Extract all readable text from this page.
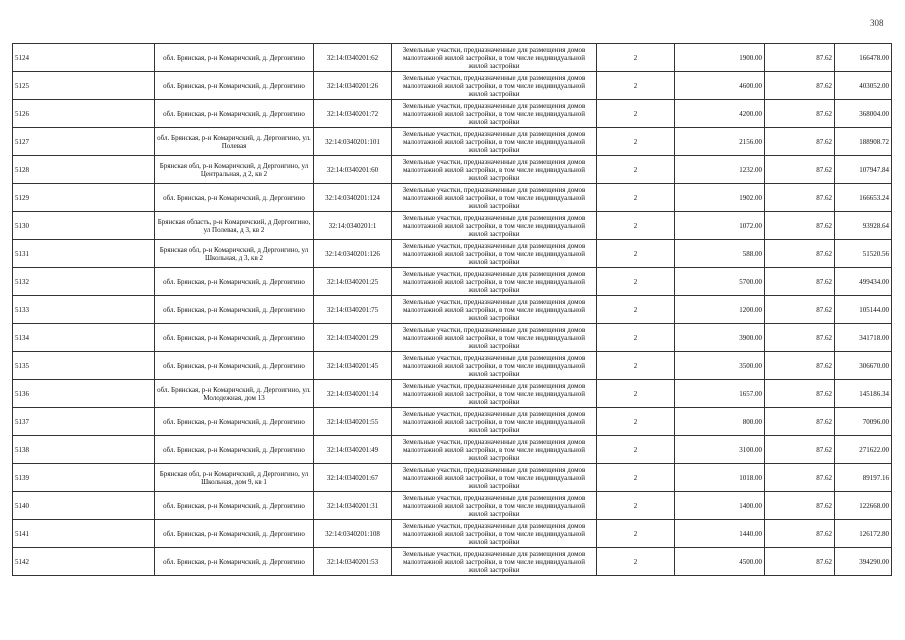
308
5124	обл. Брянская, р-н Комаричский, д. Дергоигино	32:14:0340201:62	Земельные участки, предназначенные для размещения домов малоэтажной жилой застройки, в том числе индивидуальной жилой застройки	2	1900.00	87.62	166478.00
5125	обл. Брянская, р-н Комаричский, д. Дергоигино	32:14:0340201:26	Земельные участки, предназначенные для размещения домов малоэтажной жилой застройки, в том числе индивидуальной жилой застройки	2	4600.00	87.62	403052.00
5126	обл. Брянская, р-н Комаричский, д. Дергоигино	32:14:0340201:72	Земельные участки, предназначенные для размещения домов малоэтажной жилой застройки, в том числе индивидуальной жилой застройки	2	4200.00	87.62	368004.00
5127	обл. Брянская, р-н Комаричский, д. Дергоигино, ул. Полевая	32:14:0340201:101	Земельные участки, предназначенные для размещения домов малоэтажной жилой застройки, в том числе индивидуальной жилой застройки	2	2156.00	87.62	188908.72
5128	Брянская обл, р-н Комаричский, д Дергоигино, ул Центральная, д 2, кв 2	32:14:0340201:60	Земельные участки, предназначенные для размещения домов малоэтажной жилой застройки, в том числе индивидуальной жилой застройки	2	1232.00	87.62	107947.84
5129	обл. Брянская, р-н Комаричский, д. Дергоигино	32:14:0340201:124	Земельные участки, предназначенные для размещения домов малоэтажной жилой застройки, в том числе индивидуальной жилой застройки	2	1902.00	87.62	166653.24
5130	Брянская область, р-н Комаричский, д Дергоигино, ул Полевая, д 3, кв 2	32:14:0340201:1	Земельные участки, предназначенные для размещения домов малоэтажной жилой застройки, в том числе индивидуальной жилой застройки	2	1072.00	87.62	93928.64
5131	Брянская обл, р-н Комаричский, д Дергоигино, ул Школьная, д 3, кв 2	32:14:0340201:126	Земельные участки, предназначенные для размещения домов малоэтажной жилой застройки, в том числе индивидуальной жилой застройки	2	588.00	87.62	51520.56
5132	обл. Брянская, р-н Комаричский, д. Дергоигино	32:14:0340201:25	Земельные участки, предназначенные для размещения домов малоэтажной жилой застройки, в том числе индивидуальной жилой застройки	2	5700.00	87.62	499434.00
5133	обл. Брянская, р-н Комаричский, д. Дергоигино	32:14:0340201:75	Земельные участки, предназначенные для размещения домов малоэтажной жилой застройки, в том числе индивидуальной жилой застройки	2	1200.00	87.62	105144.00
5134	обл. Брянская, р-н Комаричский, д. Дергоигино	32:14:0340201:29	Земельные участки, предназначенные для размещения домов малоэтажной жилой застройки, в том числе индивидуальной жилой застройки	2	3900.00	87.62	341718.00
5135	обл. Брянская, р-н Комаричский, д. Дергоигино	32:14:0340201:45	Земельные участки, предназначенные для размещения домов малоэтажной жилой застройки, в том числе индивидуальной жилой застройки	2	3500.00	87.62	306670.00
5136	обл. Брянская, р-н Комаричский, д. Дергоигино, ул. Молодежная, дом 13	32:14:0340201:14	Земельные участки, предназначенные для размещения домов малоэтажной жилой застройки, в том числе индивидуальной жилой застройки	2	1657.00	87.62	145186.34
5137	обл. Брянская, р-н Комаричский, д. Дергоигино	32:14:0340201:55	Земельные участки, предназначенные для размещения домов малоэтажной жилой застройки, в том числе индивидуальной жилой застройки	2	800.00	87.62	70096.00
5138	обл. Брянская, р-н Комаричский, д. Дергоигино	32:14:0340201:49	Земельные участки, предназначенные для размещения домов малоэтажной жилой застройки, в том числе индивидуальной жилой застройки	2	3100.00	87.62	271622.00
5139	Брянская обл, р-н Комаричский, д Дергоигино, ул Школьная, дом 9, кв 1	32:14:0340201:67	Земельные участки, предназначенные для размещения домов малоэтажной жилой застройки, в том числе индивидуальной жилой застройки	2	1018.00	87.62	89197.16
5140	обл. Брянская, р-н Комаричский, д. Дергоигино	32:14:0340201:31	Земельные участки, предназначенные для размещения домов малоэтажной жилой застройки, в том числе индивидуальной жилой застройки	2	1400.00	87.62	122668.00
5141	обл. Брянская, р-н Комаричский, д. Дергоигино	32:14:0340201:108	Земельные участки, предназначенные для размещения домов малоэтажной жилой застройки, в том числе индивидуальной жилой застройки	2	1440.00	87.62	126172.80
5142	обл. Брянская, р-н Комаричский, д. Дергоигино	32:14:0340201:53	Земельные участки, предназначенные для размещения домов малоэтажной жилой застройки, в том числе индивидуальной жилой застройки	2	4500.00	87.62	394290.00
